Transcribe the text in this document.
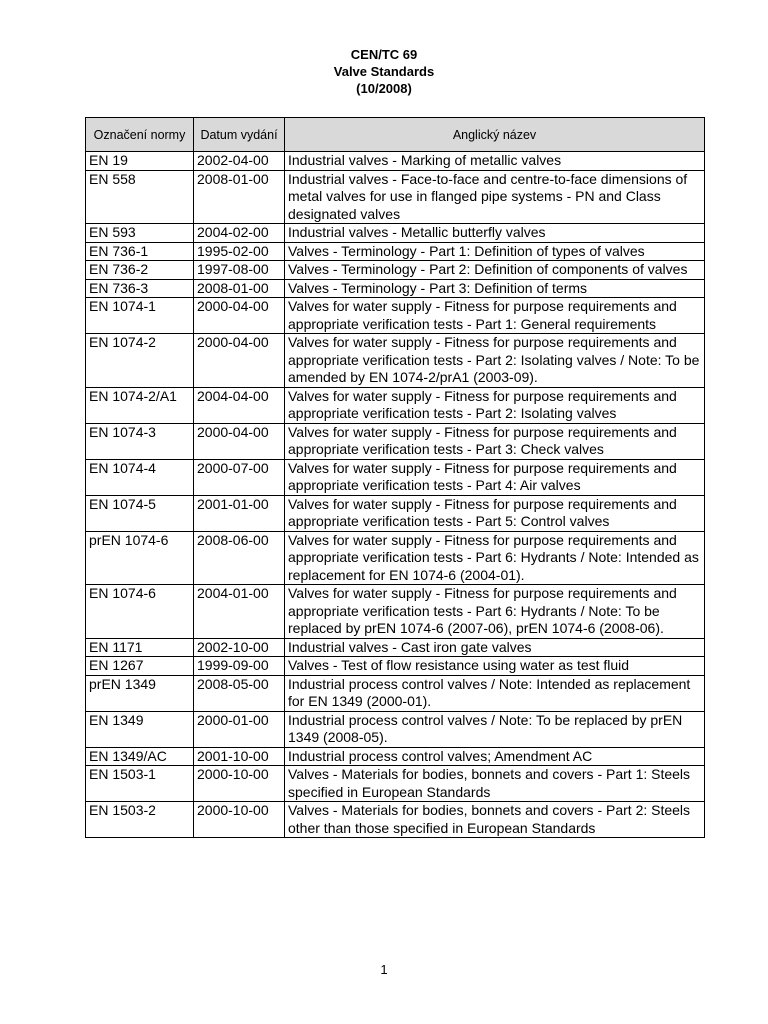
CEN/TC 69
Valve Standards
(10/2008)
Označení normy	Datum vydání	Anglický název
EN 19	2002-04-00	Industrial valves - Marking of metallic valves
EN 558	2008-01-00	Industrial valves - Face-to-face and centre-to-face dimensions of metal valves for use in flanged pipe systems - PN and Class designated valves
EN 593	2004-02-00	Industrial valves - Metallic butterfly valves
EN 736-1	1995-02-00	Valves - Terminology - Part 1: Definition of types of valves
EN 736-2	1997-08-00	Valves - Terminology - Part 2: Definition of components of valves
EN 736-3	2008-01-00	Valves - Terminology - Part 3: Definition of terms
EN 1074-1	2000-04-00	Valves for water supply - Fitness for purpose requirements and appropriate verification tests - Part 1: General requirements
EN 1074-2	2000-04-00	Valves for water supply - Fitness for purpose requirements and appropriate verification tests - Part 2: Isolating valves / Note: To be amended by EN 1074-2/prA1 (2003-09).
EN 1074-2/A1	2004-04-00	Valves for water supply - Fitness for purpose requirements and appropriate verification tests - Part 2: Isolating valves
EN 1074-3	2000-04-00	Valves for water supply - Fitness for purpose requirements and appropriate verification tests - Part 3: Check valves
EN 1074-4	2000-07-00	Valves for water supply - Fitness for purpose requirements and appropriate verification tests - Part 4: Air valves
EN 1074-5	2001-01-00	Valves for water supply - Fitness for purpose requirements and appropriate verification tests - Part 5: Control valves
prEN 1074-6	2008-06-00	Valves for water supply - Fitness for purpose requirements and appropriate verification tests - Part 6: Hydrants / Note: Intended as replacement for EN 1074-6 (2004-01).
EN 1074-6	2004-01-00	Valves for water supply - Fitness for purpose requirements and appropriate verification tests - Part 6: Hydrants / Note: To be replaced by prEN 1074-6 (2007-06), prEN 1074-6 (2008-06).
EN 1171	2002-10-00	Industrial valves - Cast iron gate valves
EN 1267	1999-09-00	Valves - Test of flow resistance using water as test fluid
prEN 1349	2008-05-00	Industrial process control valves / Note: Intended as replacement for EN 1349 (2000-01).
EN 1349	2000-01-00	Industrial process control valves / Note: To be replaced by prEN 1349 (2008-05).
EN 1349/AC	2001-10-00	Industrial process control valves; Amendment AC
EN 1503-1	2000-10-00	Valves - Materials for bodies, bonnets and covers - Part 1: Steels specified in European Standards
EN 1503-2	2000-10-00	Valves - Materials for bodies, bonnets and covers - Part 2: Steels other than those specified in European Standards
1
